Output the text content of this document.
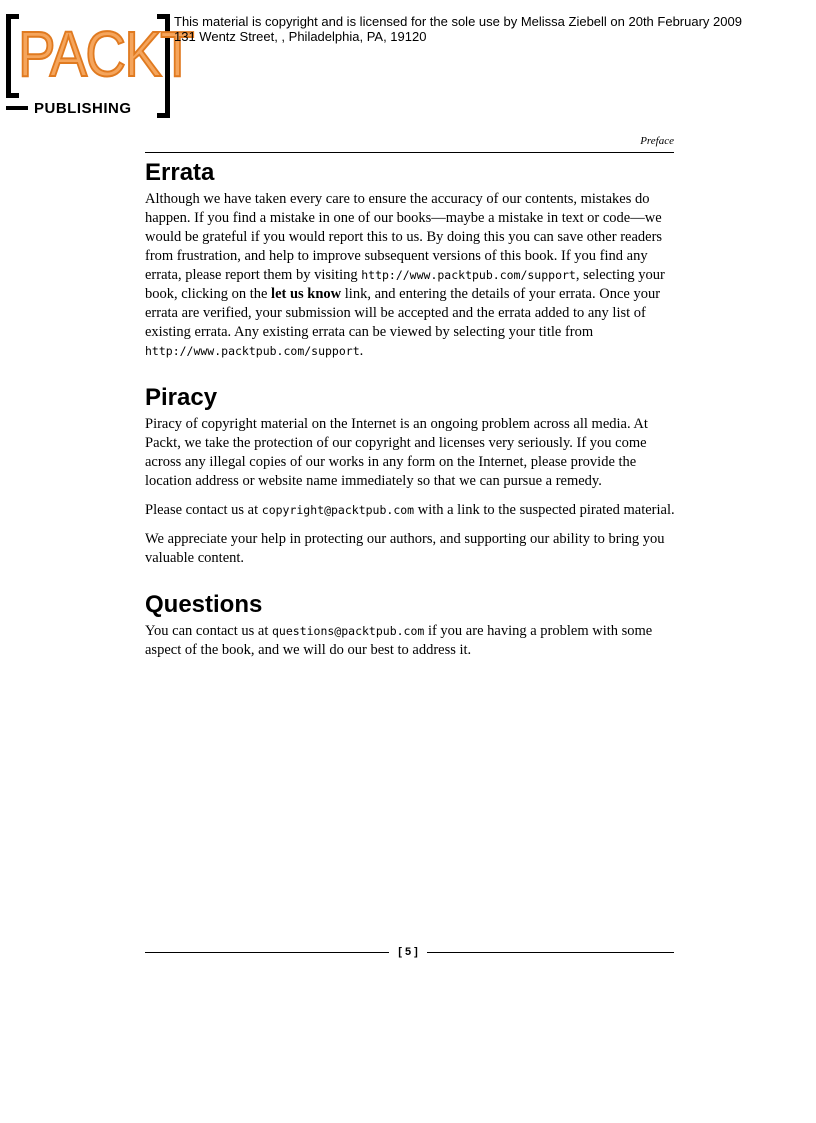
PACKT
PUBLISHING
This material is copyright and is licensed for the sole use by Melissa Ziebell on 20th February 2009
131 Wentz Street, , Philadelphia, PA, 19120
Preface
Errata

Although we have taken every care to ensure the accuracy of our contents, mistakes do happen. If you find a mistake in one of our books—maybe a mistake in text or code—we would be grateful if you would report this to us. By doing this you can save other readers from frustration, and help to improve subsequent versions of this book. If you find any errata, please report them by visiting http://www.packtpub.com/support, selecting your book, clicking on the let us know link, and entering the details of your errata. Once your errata are verified, your submission will be accepted and the errata added to any list of existing errata. Any existing errata can be viewed by selecting your title from http://www.packtpub.com/support.

Piracy

Piracy of copyright material on the Internet is an ongoing problem across all media. At Packt, we take the protection of our copyright and licenses very seriously. If you come across any illegal copies of our works in any form on the Internet, please provide the location address or website name immediately so that we can pursue a remedy.

Please contact us at copyright@packtpub.com with a link to the suspected pirated material.

We appreciate your help in protecting our authors, and supporting our ability to bring you valuable content.

Questions

You can contact us at questions@packtpub.com if you are having a problem with some aspect of the book, and we will do our best to address it.

[ 5 ]
